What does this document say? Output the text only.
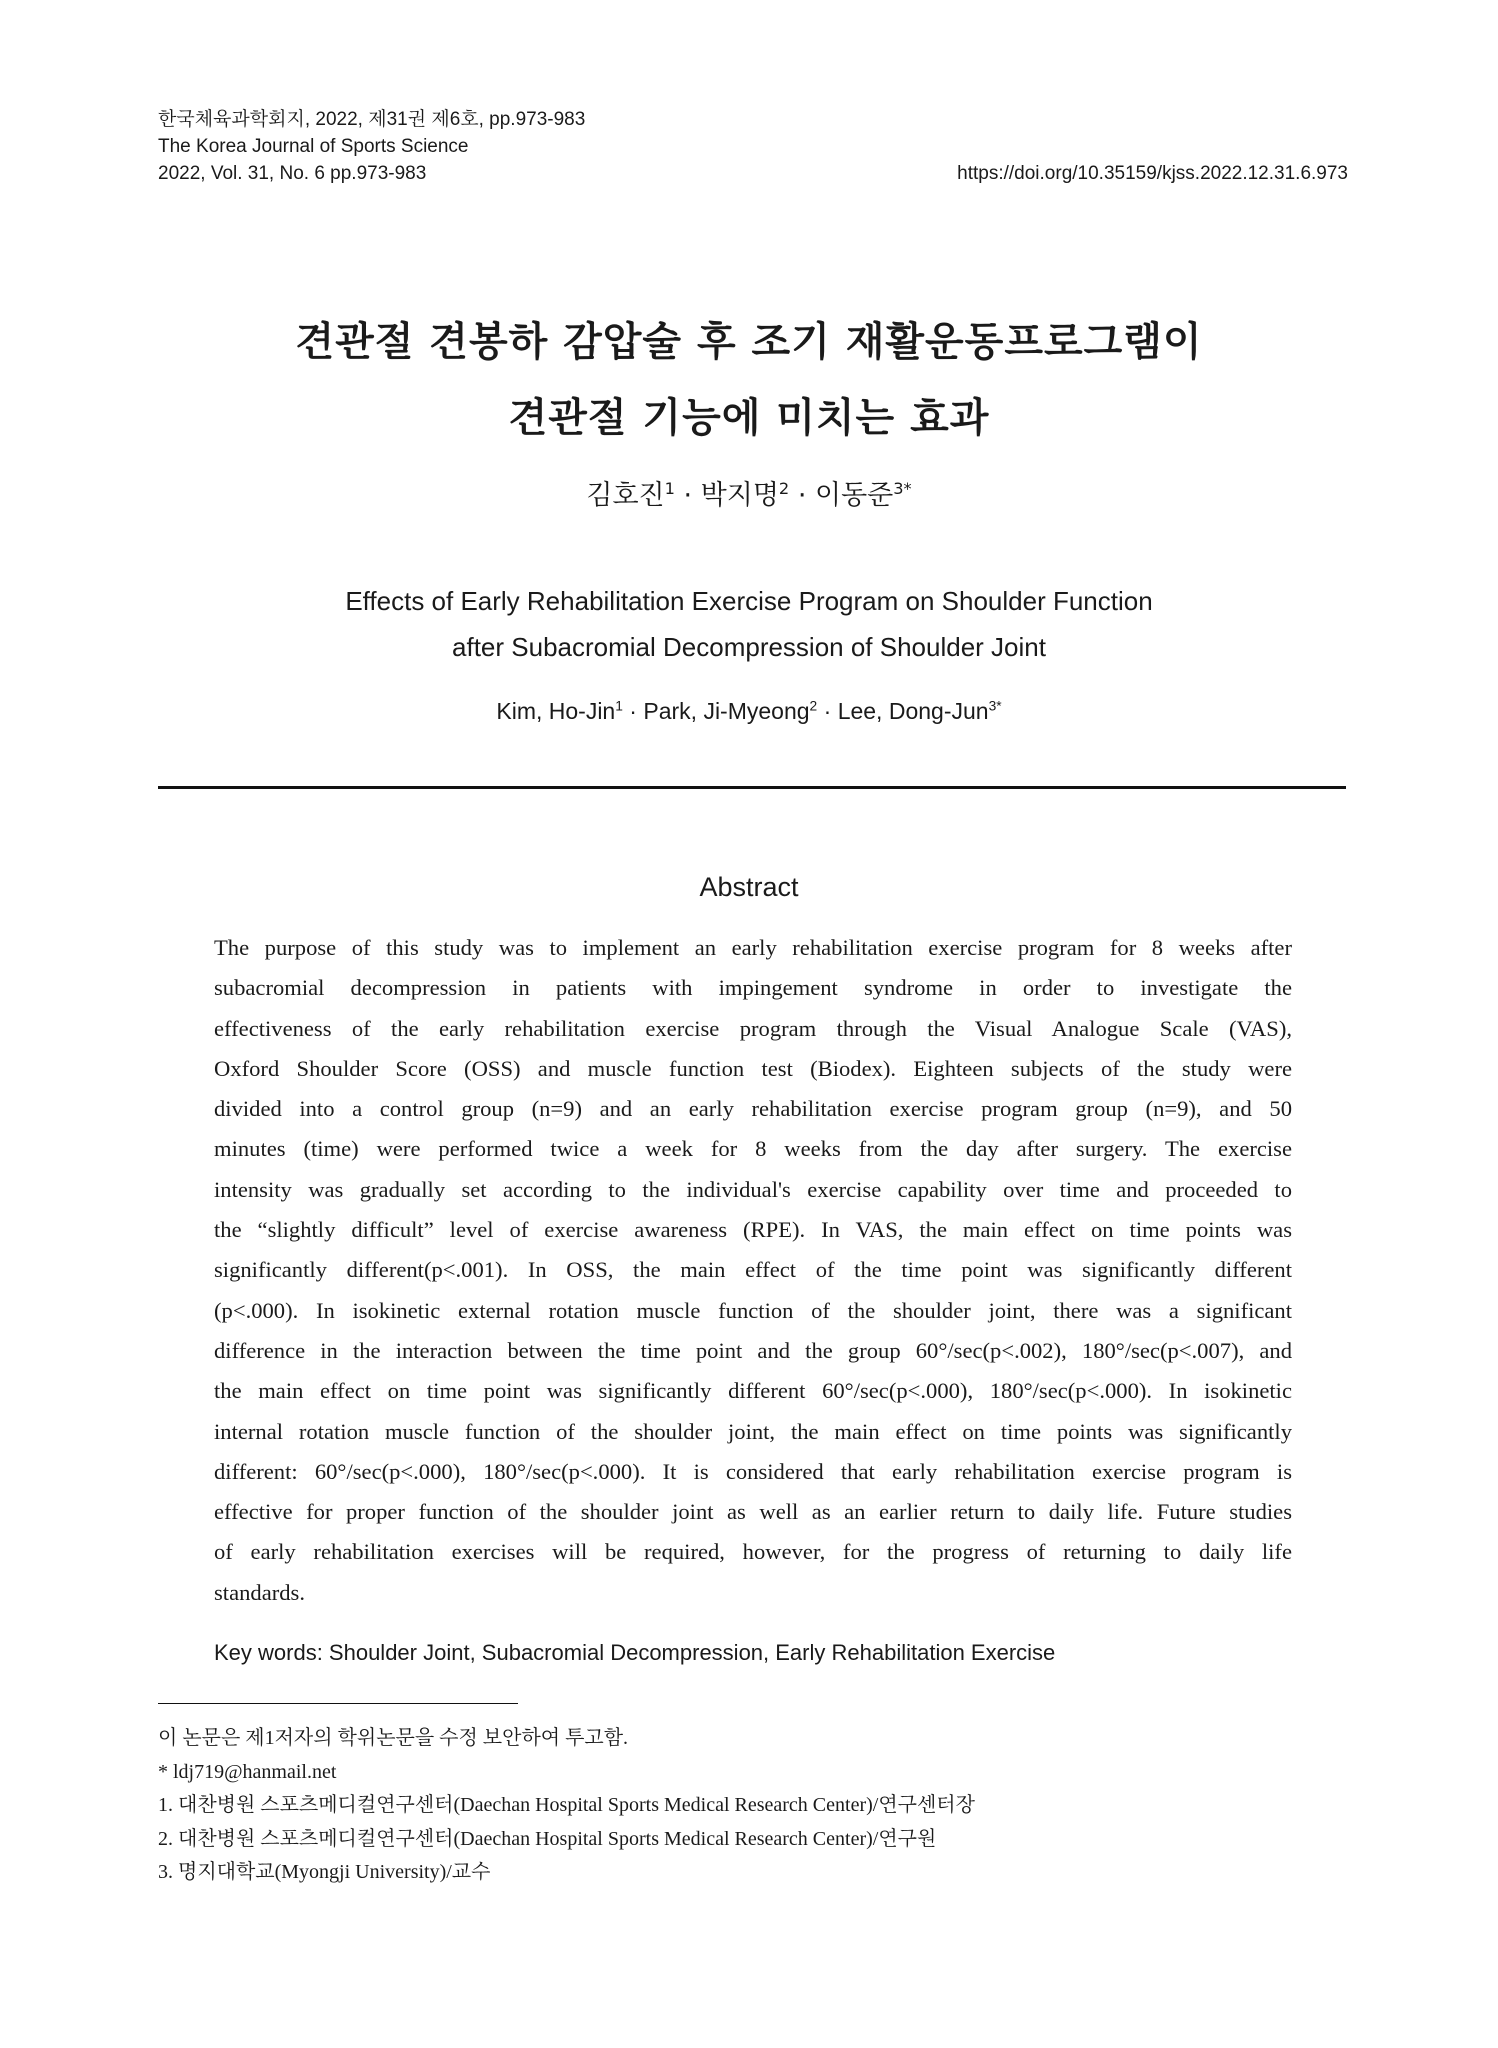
한국체육과학회지, 2022, 제31권 제6호, pp.973-983
The Korea Journal of Sports Science
2022, Vol. 31, No. 6 pp.973-983	https://doi.org/10.35159/kjss.2022.12.31.6.973
견관절 견봉하 감압술 후 조기 재활운동프로그램이
견관절 기능에 미치는 효과
김호진$^1$ · 박지명$^2$ · 이동준$^{3*}$
Effects of Early Rehabilitation Exercise Program on Shoulder Function
after Subacromial Decompression of Shoulder Joint
Kim, Ho-Jin$^1$ · Park, Ji-Myeong$^2$ · Lee, Dong-Jun$^{3*}$
Abstract
The purpose of this study was to implement an early rehabilitation exercise program for 8 weeks after
subacromial decompression in patients with impingement syndrome in order to investigate the
effectiveness of the early rehabilitation exercise program through the Visual Analogue Scale (VAS),
Oxford Shoulder Score (OSS) and muscle function test (Biodex). Eighteen subjects of the study were
divided into a control group (n=9) and an early rehabilitation exercise program group (n=9), and 50
minutes (time) were performed twice a week for 8 weeks from the day after surgery. The exercise
intensity was gradually set according to the individual's exercise capability over time and proceeded to
the “slightly difficult” level of exercise awareness (RPE). In VAS, the main effect on time points was
significantly different(p<.001). In OSS, the main effect of the time point was significantly different
(p<.000). In isokinetic external rotation muscle function of the shoulder joint, there was a significant
difference in the interaction between the time point and the group 60°/sec(p<.002), 180°/sec(p<.007), and
the main effect on time point was significantly different 60°/sec(p<.000), 180°/sec(p<.000). In isokinetic
internal rotation muscle function of the shoulder joint, the main effect on time points was significantly
different: 60°/sec(p<.000), 180°/sec(p<.000). It is considered that early rehabilitation exercise program is
effective for proper function of the shoulder joint as well as an earlier return to daily life. Future studies
of early rehabilitation exercises will be required, however, for the progress of returning to daily life
standards.
Key words: Shoulder Joint, Subacromial Decompression, Early Rehabilitation Exercise
이 논문은 제1저자의 학위논문을 수정 보안하여 투고함.
* ldj719@hanmail.net
1. 대찬병원 스포츠메디컬연구센터(Daechan Hospital Sports Medical Research Center)/연구센터장
2. 대찬병원 스포츠메디컬연구센터(Daechan Hospital Sports Medical Research Center)/연구원
3. 명지대학교(Myongji University)/교수
